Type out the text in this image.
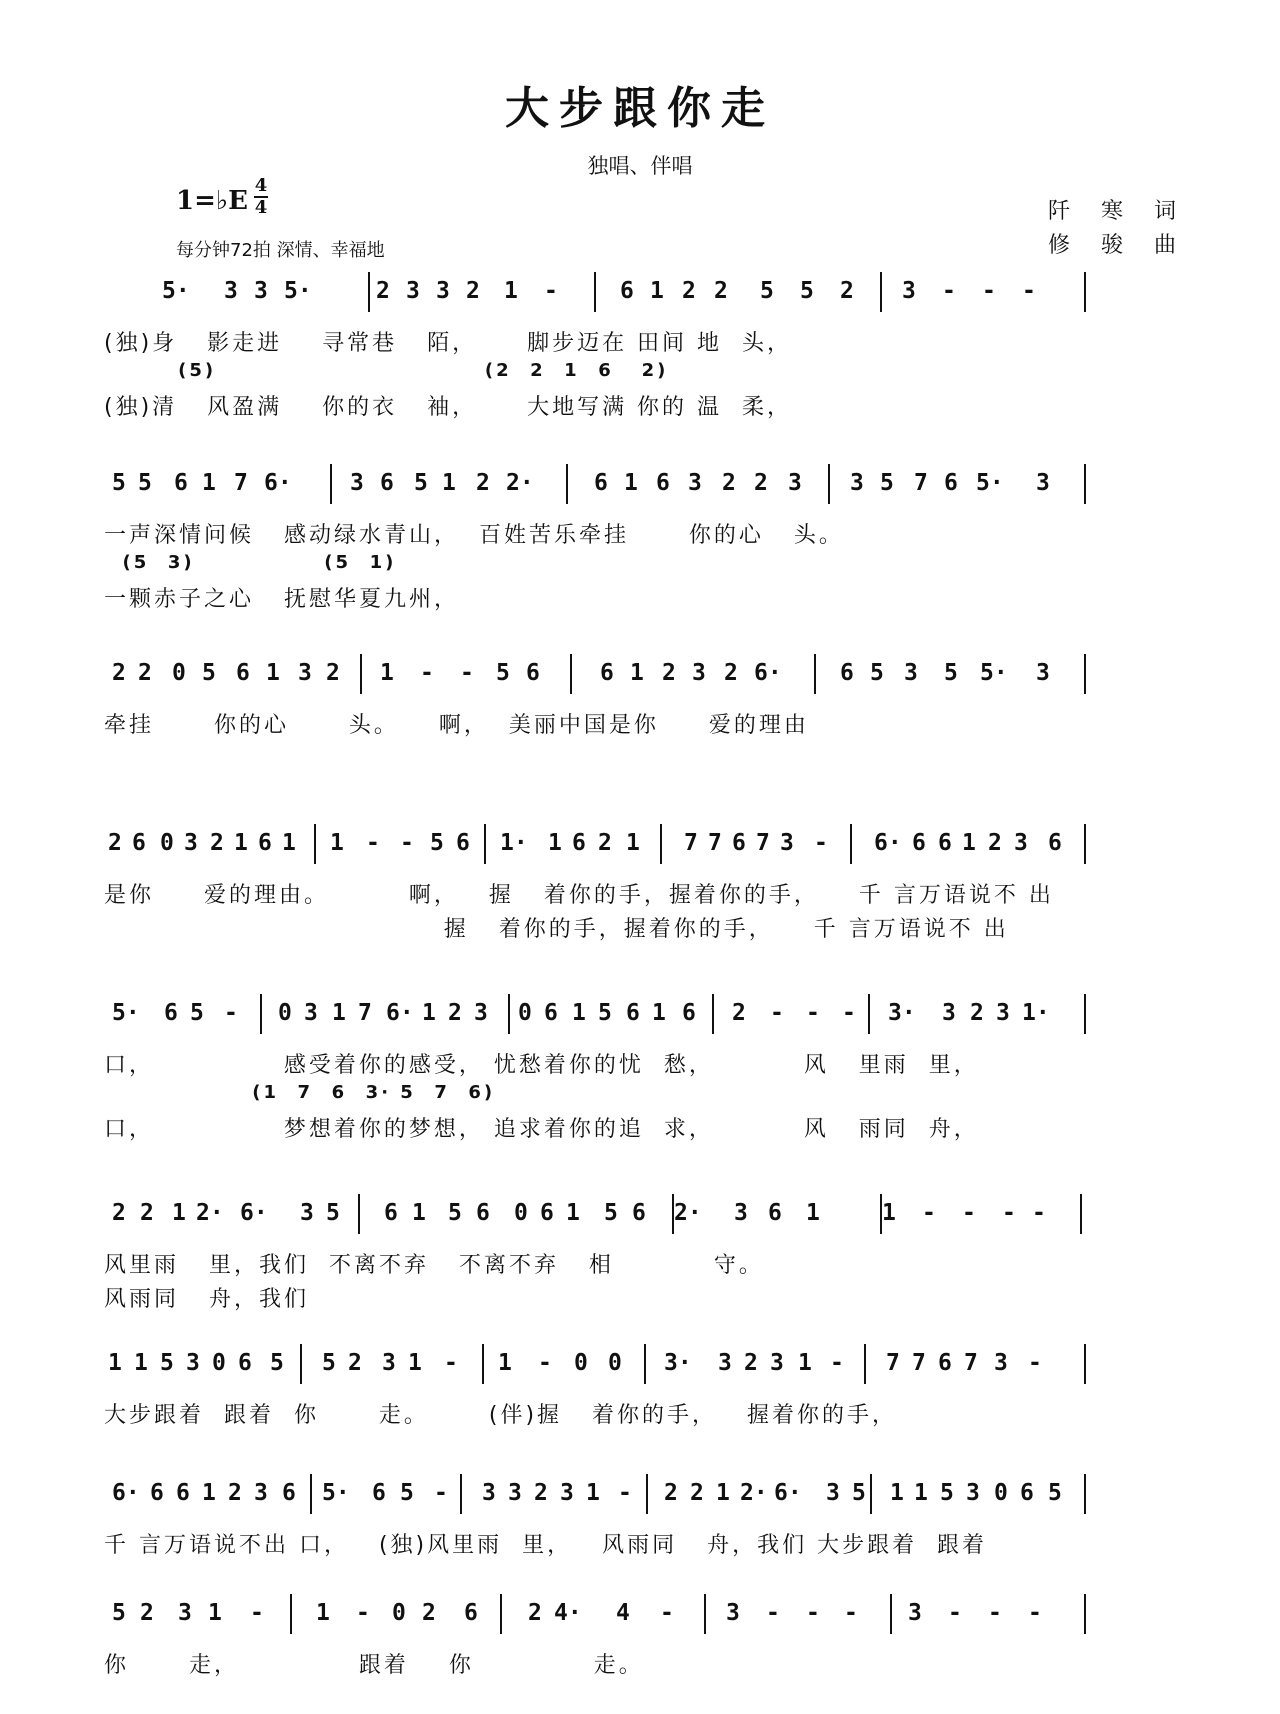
大步跟你走
独唱、伴唱
1=♭E
4
4
每分钟72拍 深情、幸福地
阡 寒 词
修 骏 曲
5· 3 3 5·	2 3 3 2 1 -	6 1 2 2 5 5 2 3 - - -
(独)身   影走进    寻常巷   陌，     脚步迈在 田间 地  头，
(5)                             (2  2  1  6   2)
(独)清   风盈满    你的衣   袖，     大地写满 你的 温  柔，
5 5 6 1 7 6·	3 6 5 1 2 2·	6 1 6 3 2 2 3 3 5 7 6 5· 3
一声深情问候   感动绿水青山，  百姓苦乐牵挂      你的心   头。
(5  3)              (5  1)
一颗赤子之心   抚慰华夏九州，
2 2 0 5 6 1 3 2 1 - - 5 6	6 1 2 3 2 6·	6 5 3 5 5· 3
牵挂      你的心      头。    啊，  美丽中国是你     爱的理由
2 6 0 3 2 1 6 1 1 - - 5 6 1· 1 6 2 1 7 7 6 7 3 - 6· 6 6 1 2 3 6
是你     爱的理由。        啊，   握   着你的手，握着你的手，    千 言万语说不 出
握   着你的手，握着你的手，    千 言万语说不 出
5· 6 5 - 0 3 1 7 6· 1 2 3 0 6 1 5 6 1 6 2 - - - 3· 3 2 3 1·
口，             感受着你的感受， 忧愁着你的忧  愁，         风   里雨  里，
(1  7  6  3· 5  7  6)
口，             梦想着你的梦想， 追求着你的追  求，         风   雨同  舟，
2 2 1 2· 6· 3 5 6 1 5 6 0 6 1 5 6 2· 3 6 1	1 - - - -
风里雨   里，我们  不离不弃   不离不弃   相          守。
风雨同   舟，我们
1 1 5 3 0 6 5 5 2 3 1 - 1 - 0 0 3· 3 2 3 1 - 7 7 6 7 3 -
大步跟着  跟着  你      走。      (伴)握   着你的手，   握着你的手，
6· 6 6 1 2 3 6 5· 6 5 - 3 3 2 3 1 - 2 2 1 2· 6· 3 5 1 1 5 3 0 6 5
千 言万语说不出 口，   (独)风里雨  里，   风雨同   舟，我们 大步跟着  跟着
5 2 3 1 - 1 - 0 2 6 2 4· 4 - 3 - - - 3 - - -
你      走，            跟着    你            走。
